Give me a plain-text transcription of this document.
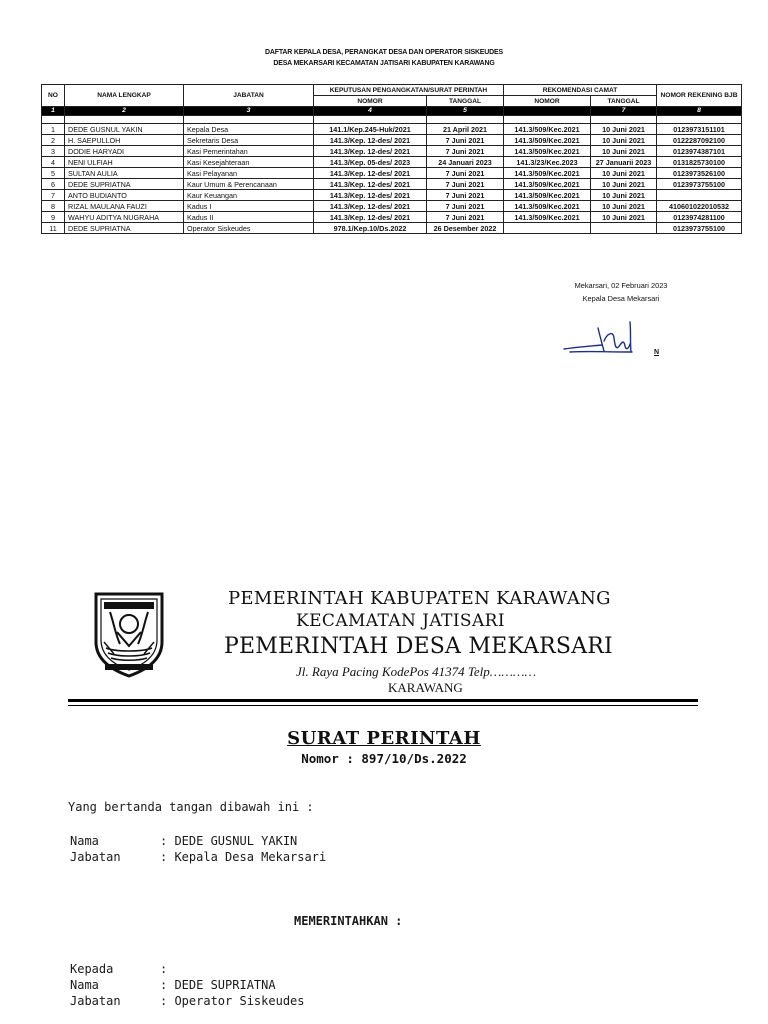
DAFTAR KEPALA DESA, PERANGKAT DESA DAN OPERATOR SISKEUDES
DESA MEKARSARI KECAMATAN JATISARI KABUPATEN KARAWANG
NO	NAMA LENGKAP	JABATAN	KEPUTUSAN PENGANGKATAN/SURAT PERINTAH		REKOMENDASI CAMAT		NOMOR REKENING BJB
			NOMOR	TANGGAL	NOMOR	TANGGAL	
1	2	3	4	5		7	8

1	DEDE GUSNUL YAKIN	Kepala Desa	141.1/Kep.245-Huk/2021	21 April 2021	141.3/509/Kec.2021	10 Juni 2021	0123973151101
2	H. SAEPULLOH	Sekretaris Desa	141.3/Kep. 12-des/ 2021	7 Juni 2021	141.3/509/Kec.2021	10 Juni 2021	0122287092100
3	DODIE HARYADI	Kasi Pemerintahan	141.3/Kep. 12-des/ 2021	7 Juni 2021	141.3/509/Kec.2021	10 Juni 2021	0123974387101
4	NENI ULFIAH	Kasi Kesejahteraan	141.3/Kep. 05-des/ 2023	24 Januari 2023	141.3/23/Kec.2023	27 Januarii 2023	0131825730100
5	SULTAN AULIA	Kasi Pelayanan	141.3/Kep. 12-des/ 2021	7 Juni 2021	141.3/509/Kec.2021	10 Juni 2021	0123973526100
6	DEDE SUPRIATNA	Kaur Umum & Perencanaan	141.3/Kep. 12-des/ 2021	7 Juni 2021	141.3/509/Kec.2021	10 Juni 2021	0123973755100
7	ANTO BUDIANTO	Kaur Keuangan	141.3/Kep. 12-des/ 2021	7 Juni 2021	141.3/509/Kec.2021	10 Juni 2021	
8	RIZAL MAULANA FAUZI	Kadus I	141.3/Kep. 12-des/ 2021	7 Juni 2021	141.3/509/Kec.2021	10 Juni 2021	410601022010532
9	WAHYU ADITYA NUGRAHA	Kadus II	141.3/Kep. 12-des/ 2021	7 Juni 2021	141.3/509/Kec.2021	10 Juni 2021	0123974281100
11	DEDE SUPRIATNA	Operator Siskeudes	978.1/Kep.10/Ds.2022	26 Desember 2022			0123973755100
Mekarsari, 02 Februari 2023
Kepala Desa Mekarsari
N
PEMERINTAH KABUPATEN KARAWANG
KECAMATAN JATISARI
PEMERINTAH DESA MEKARSARI
Jl. Raya Pacing KodePos 41374 Telp…………
KARAWANG
SURAT PERINTAH
Nomor : 897/10/Ds.2022
Yang bertanda tangan dibawah ini :
Nama	: DEDE GUSNUL YAKIN
Jabatan	: Kepala Desa Mekarsari
MEMERINTAHKAN :
Kepada	:
Nama	: DEDE SUPRIATNA
Jabatan	: Operator Siskeudes
